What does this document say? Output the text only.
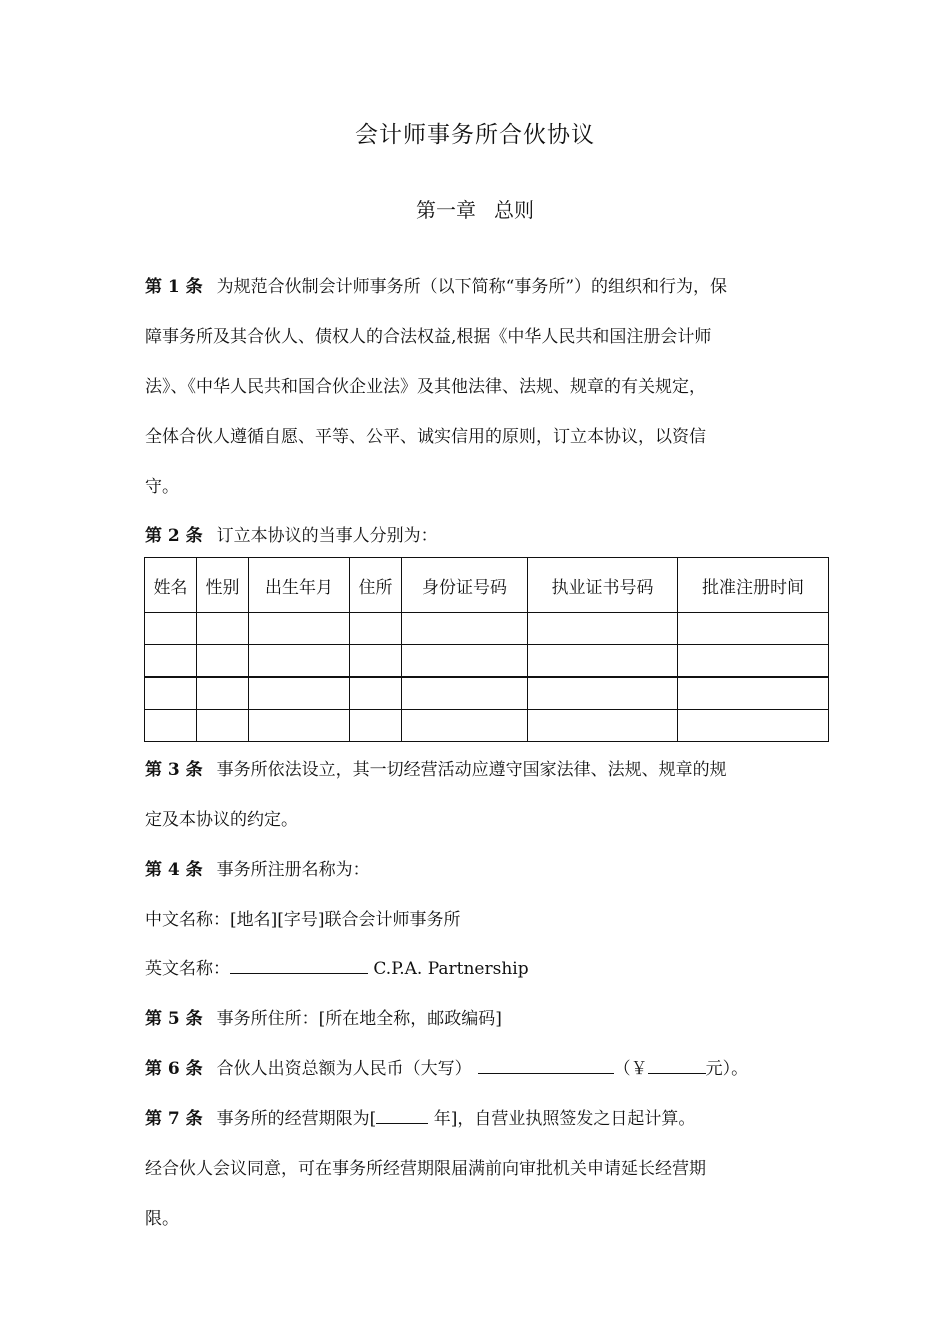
会计师事务所合伙协议
第一章 总则
第 1 条 为规范合伙制会计师事务所（以下简称“事务所”）的组织和行为，保
障事务所及其合伙人、债权人的合法权益,根据《中华人民共和国注册会计师
法》、《中华人民共和国合伙企业法》及其他法律、法规、规章的有关规定，
全体合伙人遵循自愿、平等、公平、诚实信用的原则，订立本协议，以资信
守。
第 2 条 订立本协议的当事人分别为：
姓名	性别	出生年月	住所	身份证号码	执业证书号码	批准注册时间

第 3 条 事务所依法设立，其一切经营活动应遵守国家法律、法规、规章的规
定及本协议的约定。
第 4 条 事务所注册名称为：
中文名称：[地名][字号]联合会计师事务所
英文名称：	C.P.A. Partnership
第 5 条 事务所住所：[所在地全称，邮政编码]
第 6 条 合伙人出资总额为人民币（大写）	（￥	元）。
第 7 条 事务所的经营期限为[	年]，自营业执照签发之日起计算。
经合伙人会议同意，可在事务所经营期限届满前向审批机关申请延长经营期
限。
